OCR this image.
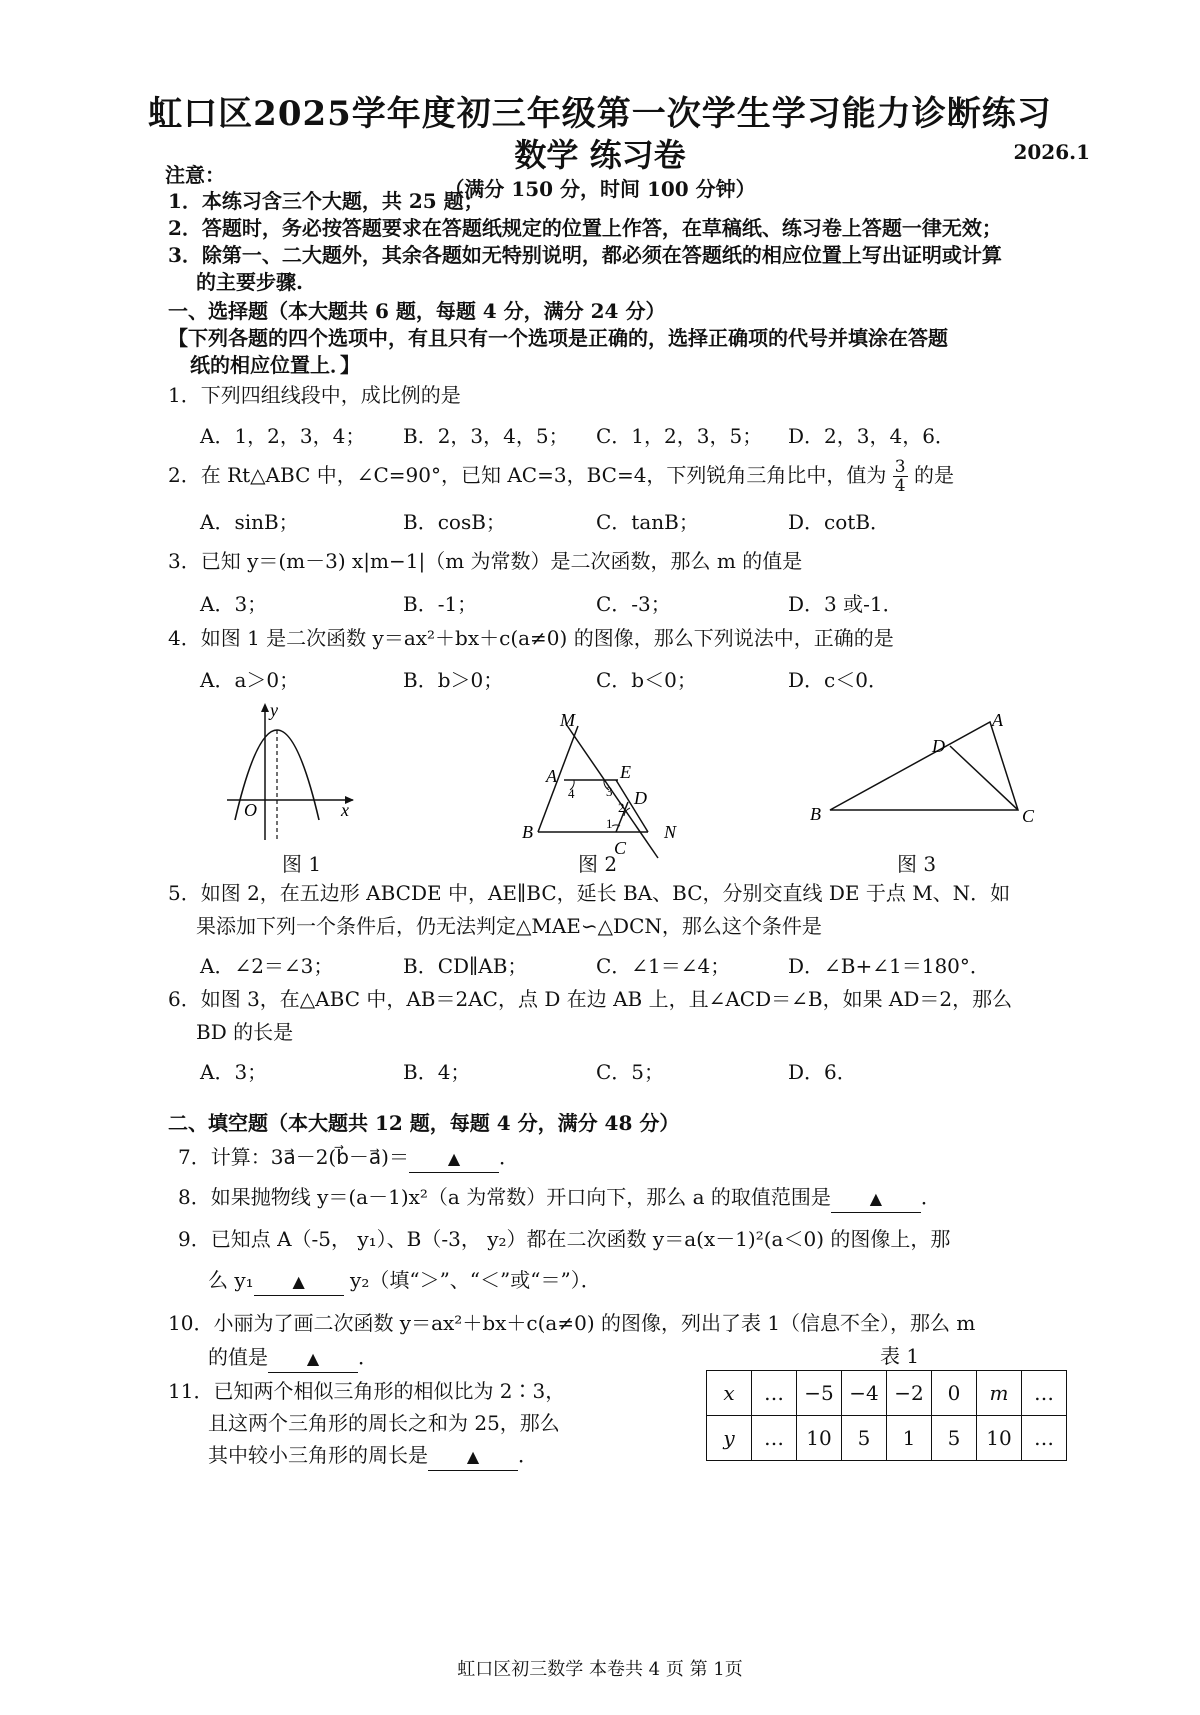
虹口区2025学年度初三年级第一次学生学习能力诊断练习
数学 练习卷	2026.1
注意：
（满分 150 分，时间 100 分钟）
1．本练习含三个大题，共 25 题；
2．答题时，务必按答题要求在答题纸规定的位置上作答，在草稿纸、练习卷上答题一律无效；
3．除第一、二大题外，其余各题如无特别说明，都必须在答题纸的相应位置上写出证明或计算
的主要步骤.
一、选择题（本大题共 6 题，每题 4 分，满分 24 分）
【下列各题的四个选项中，有且只有一个选项是正确的，选择正确项的代号并填涂在答题
纸的相应位置上．】
1．下列四组线段中，成比例的是
A．1，2，3，4； B．2，3，4，5； C．1，2，3，5； D．2，3，4，6．
2．在 Rt△ABC 中，∠C=90°，已知 AC=3，BC=4，下列锐角三角比中，值为 $\frac{3}{4}$ 的是
A．sinB；	B．cosB；	C．tanB；	D．cotB．
3．已知 y＝(m－3) x|m−1|（m 为常数）是二次函数，那么 m 的值是
A．3；	B．-1；	C．-3；	D．3 或-1．
4．如图 1 是二次函数 y＝ax²＋bx＋c(a≠0) 的图像，那么下列说法中，正确的是
A．a＞0；	B．b＞0；	C．b＜0；	D．c＜0．
y
x
O
图 1
M
A	E
D
B
C
N
1
2
3
4
图 2
A
D
B	C
图 3
5．如图 2，在五边形 ABCDE 中，AE∥BC，延长 BA、BC，分别交直线 DE 于点 M、N．如
果添加下列一个条件后，仍无法判定△MAE∽△DCN，那么这个条件是
A．∠2＝∠3；	B．CD∥AB；	C．∠1＝∠4；	D．∠B+∠1＝180°．
6．如图 3，在△ABC 中，AB＝2AC，点 D 在边 AB 上，且∠ACD＝∠B，如果 AD＝2，那么
BD 的长是
A．3；	B．4；	C．5；	D．6．
二、填空题（本大题共 12 题，每题 4 分，满分 48 分）
7．计算：3a⃗－2(b⃗－a⃗)＝ ▲ ．
8．如果抛物线 y＝(a－1)x²（a 为常数）开口向下，那么 a 的取值范围是 ▲ ．
9．已知点 A（-5， y₁）、B（-3， y₂）都在二次函数 y＝a(x－1)²(a＜0) 的图像上，那
么 y₁ ▲ y₂（填“＞”、“＜”或“＝”）．
10．小丽为了画二次函数 y＝ax²＋bx＋c(a≠0) 的图像，列出了表 1（信息不全），那么 m
的值是 ▲ ．
11．已知两个相似三角形的相似比为 2∶3，
且这两个三角形的周长之和为 25，那么
其中较小三角形的周长是 ▲ ．
表 1
x	…	−5	−4	−2	0	m	…
y	…	10	5	1	5	10	…
虹口区初三数学 本卷共 4 页 第 1页
